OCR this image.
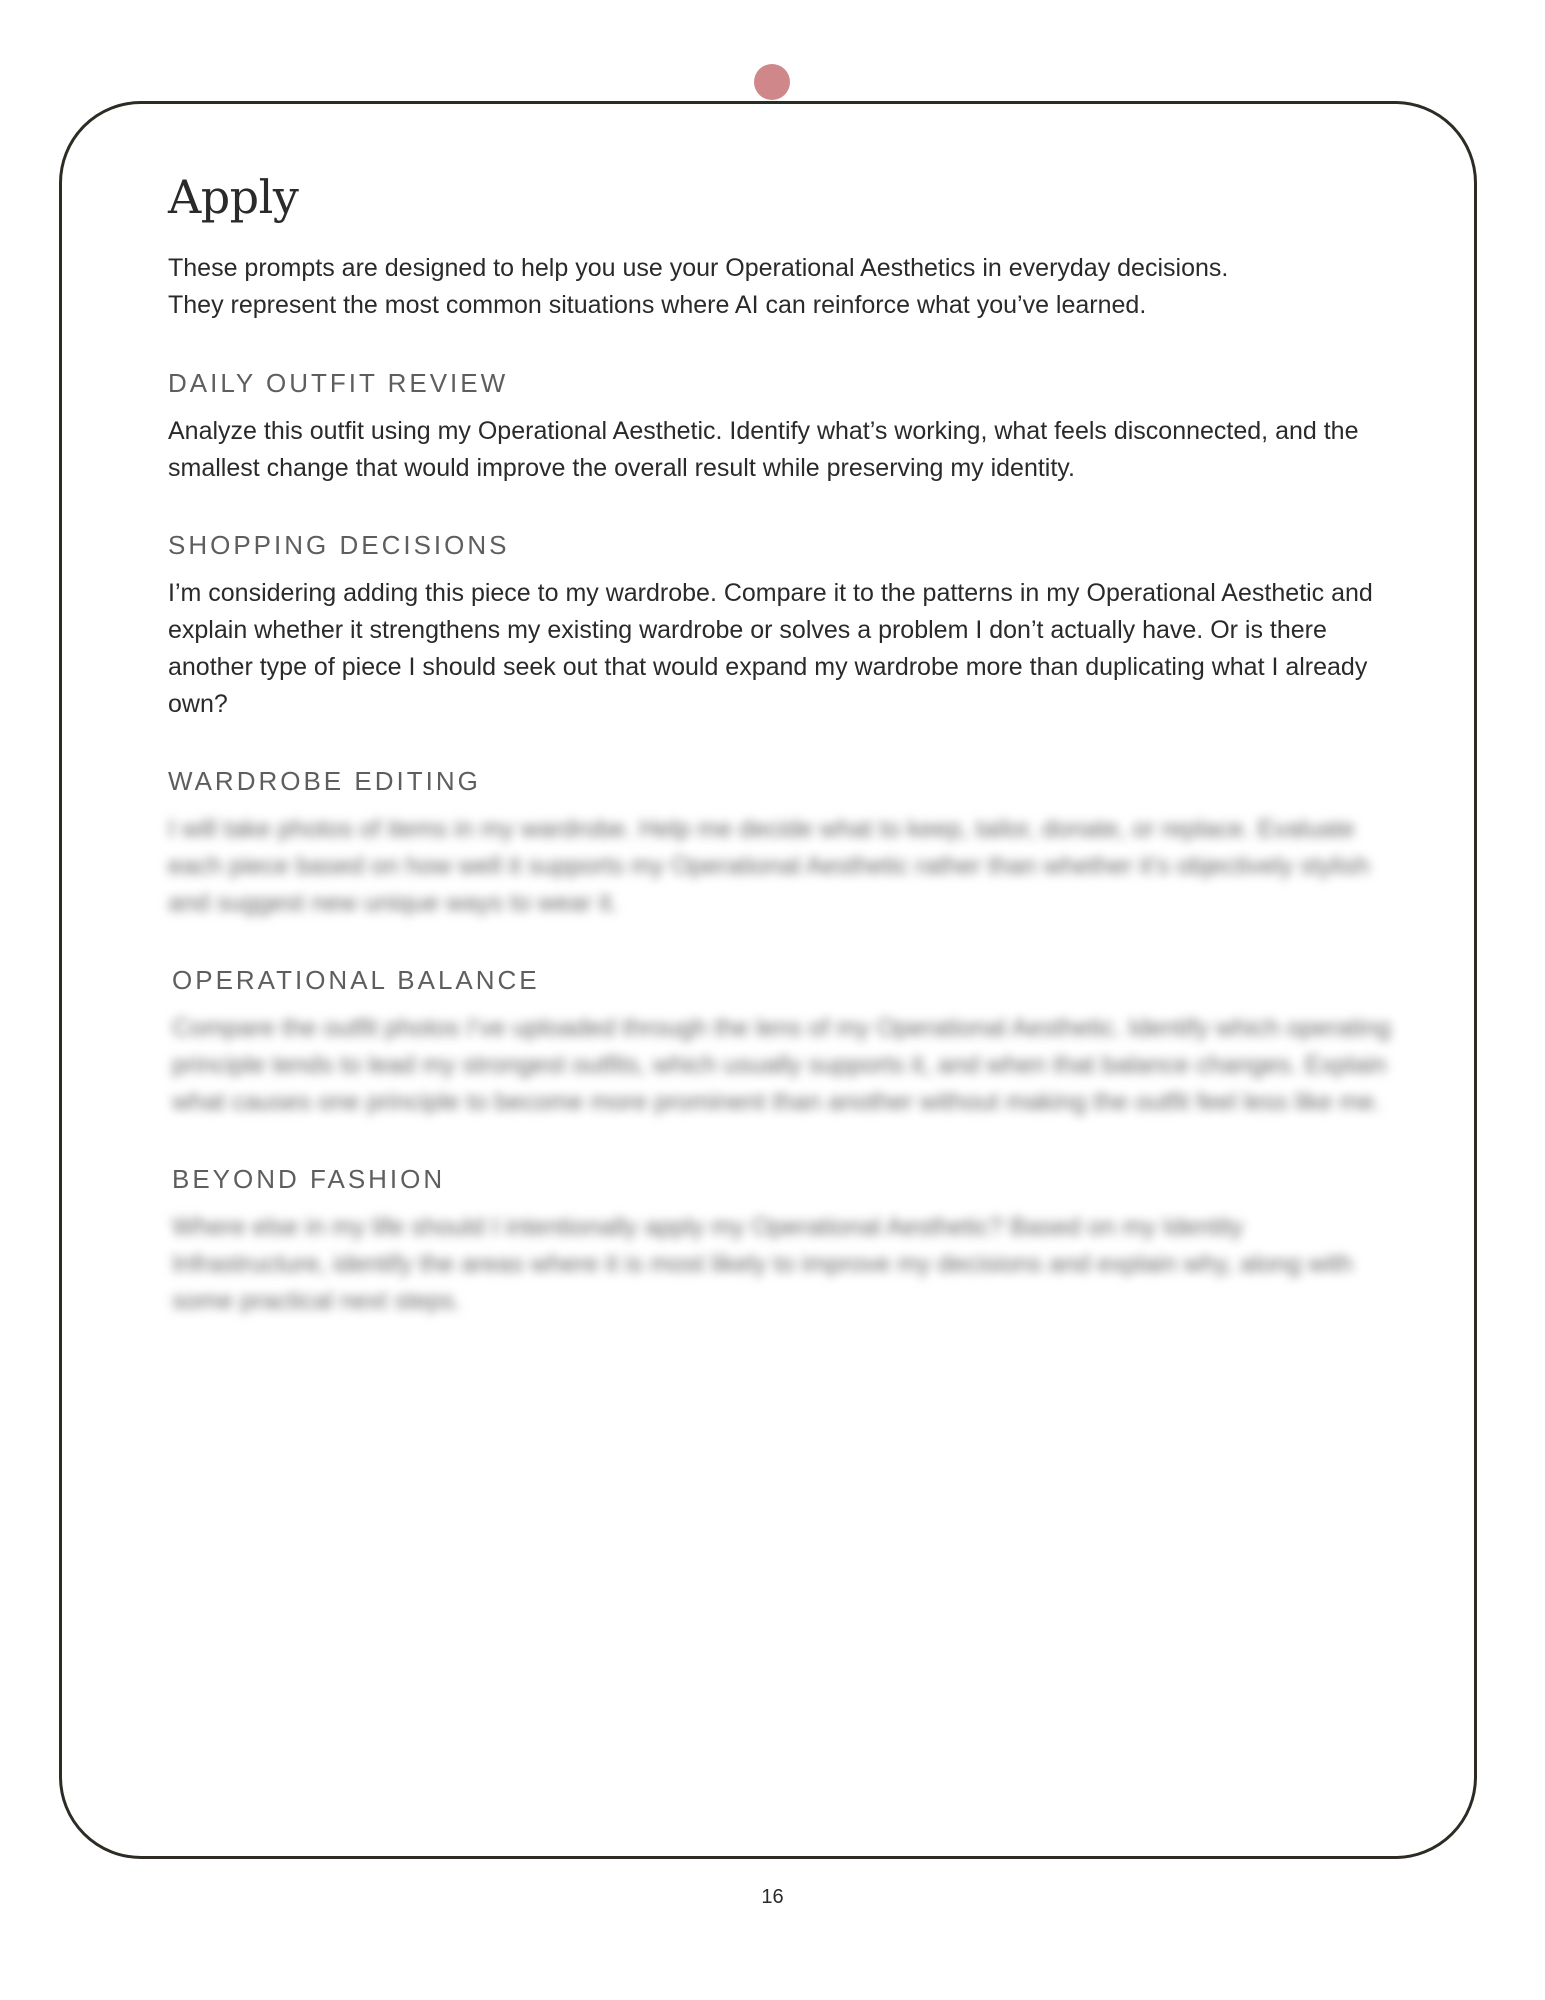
Apply

These prompts are designed to help you use your Operational Aesthetics in everyday decisions.

They represent the most common situations where AI can reinforce what you’ve learned.

DAILY OUTFIT REVIEW

Analyze this outfit using my Operational Aesthetic. Identify what’s working, what feels disconnected, and the smallest change that would improve the overall result while preserving my identity.

SHOPPING DECISIONS

I’m considering adding this piece to my wardrobe. Compare it to the patterns in my Operational Aesthetic and explain whether it strengthens my existing wardrobe or solves a problem I don’t actually have. Or is there another type of piece I should seek out that would expand my wardrobe more than duplicating what I already own?

WARDROBE EDITING

I will take photos of items in my wardrobe. Help me decide what to keep, tailor, donate, or replace. Evaluate each piece based on how well it supports my Operational Aesthetic rather than whether it’s objectively stylish and suggest new unique ways to wear it.

OPERATIONAL BALANCE

Compare the outfit photos I’ve uploaded through the lens of my Operational Aesthetic. Identify which operating principle tends to lead my strongest outfits, which usually supports it, and when that balance changes. Explain what causes one principle to become more prominent than another without making the outfit feel less like me.

BEYOND FASHION

Where else in my life should I intentionally apply my Operational Aesthetic? Based on my Identity Infrastructure, identify the areas where it is most likely to improve my decisions and explain why, along with some practical next steps.

16
